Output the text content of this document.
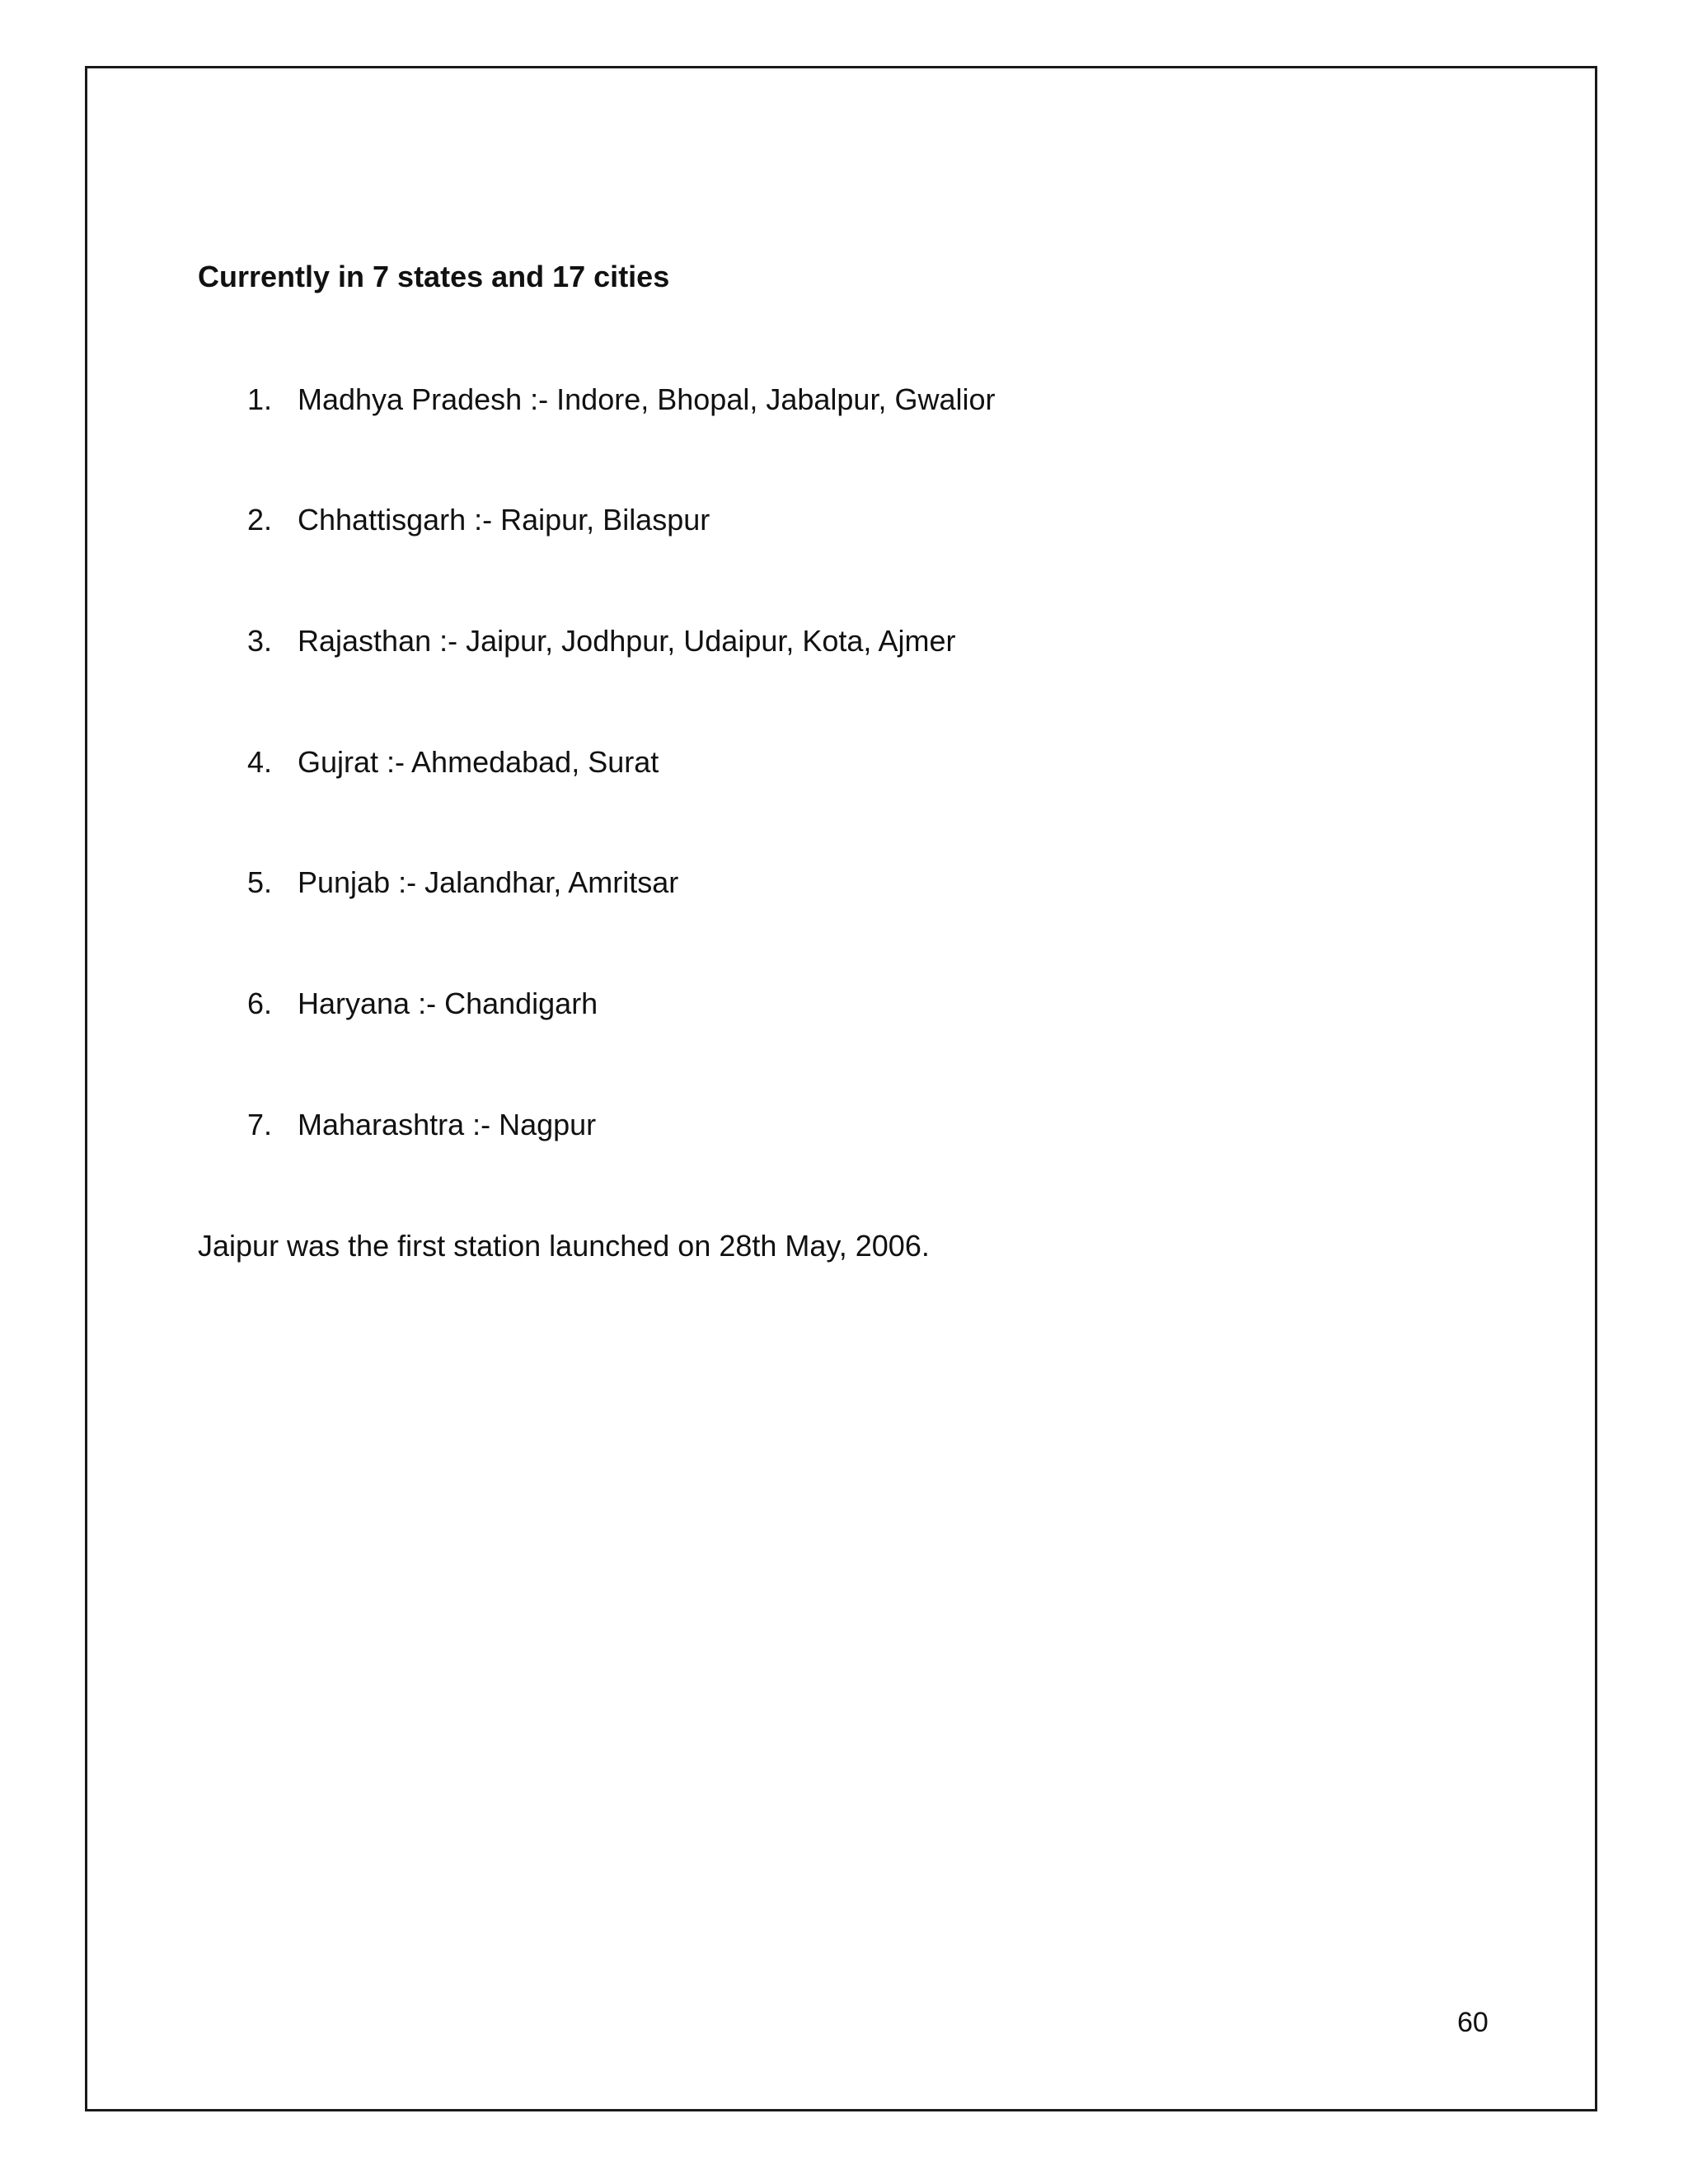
Currently in 7 states and 17 cities
1. Madhya Pradesh :- Indore, Bhopal, Jabalpur, Gwalior
2. Chhattisgarh :- Raipur, Bilaspur
3. Rajasthan :- Jaipur, Jodhpur, Udaipur, Kota, Ajmer
4. Gujrat :- Ahmedabad, Surat
5. Punjab :- Jalandhar, Amritsar
6. Haryana :- Chandigarh
7. Maharashtra :- Nagpur
Jaipur was the first station launched on 28th May, 2006.
60
